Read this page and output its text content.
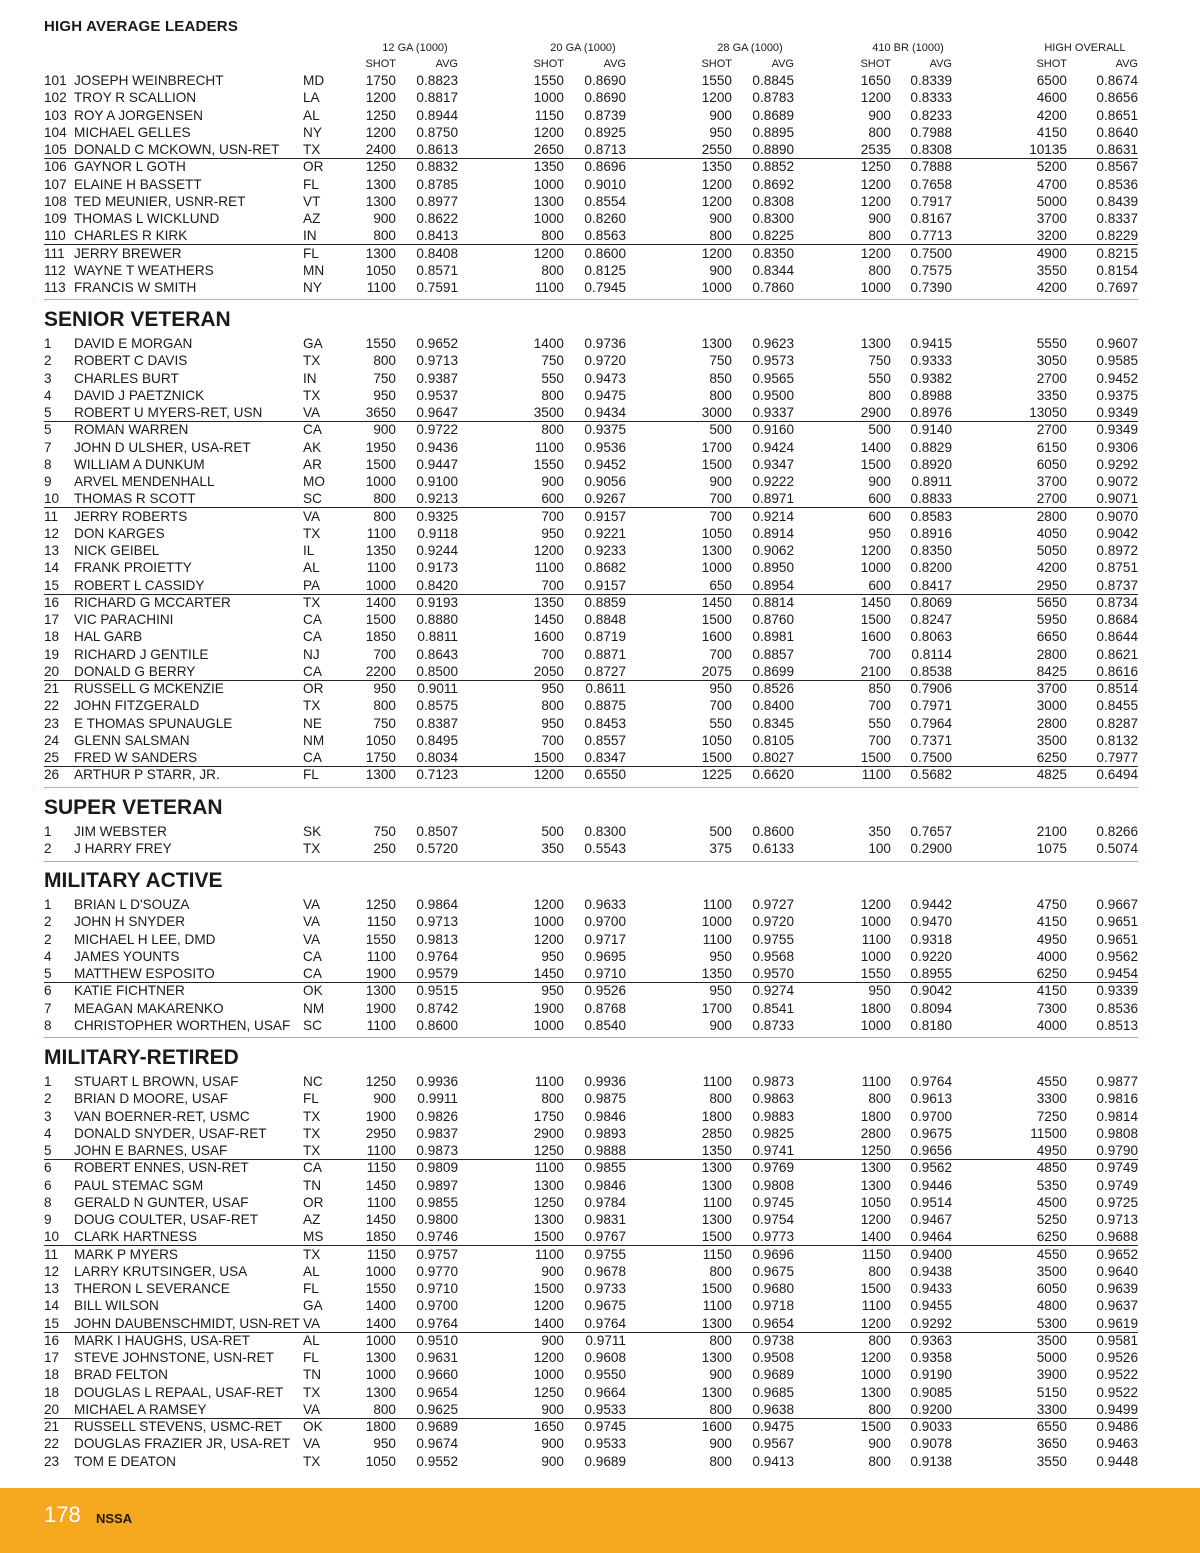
HIGH AVERAGE LEADERS
12 GA (1000)
SHOT	AVG
20 GA (1000)
SHOT	AVG
28 GA (1000)
SHOT	AVG
410 BR (1000)
SHOT	AVG
HIGH OVERALL
SHOT	AVG
101 JOSEPH WEINBRECHT	MD	1750	0.8823	1550	0.8690	1550	0.8845	1650	0.8339	6500	0.8674
102 TROY R SCALLION	LA	1200	0.8817	1000	0.8690	1200	0.8783	1200	0.8333	4600	0.8656
103 ROY A JORGENSEN	AL	1250	0.8944	1150	0.8739	900	0.8689	900	0.8233	4200	0.8651
104 MICHAEL GELLES	NY	1200	0.8750	1200	0.8925	950	0.8895	800	0.7988	4150	0.8640
105 DONALD C MCKOWN, USN-RET TX	2400	0.8613	2650	0.8713	2550	0.8890	2535	0.8308	10135	0.8631
106 GAYNOR L GOTH	OR	1250	0.8832	1350	0.8696	1350	0.8852	1250	0.7888	5200	0.8567
107 ELAINE H BASSETT	FL	1300	0.8785	1000	0.9010	1200	0.8692	1200	0.7658	4700	0.8536
108 TED MEUNIER, USNR-RET	VT	1300	0.8977	1300	0.8554	1200	0.8308	1200	0.7917	5000	0.8439
109 THOMAS L WICKLUND	AZ	900	0.8622	1000	0.8260	900	0.8300	900	0.8167	3700	0.8337
110 CHARLES R KIRK	IN	800	0.8413	800	0.8563	800	0.8225	800	0.7713	3200	0.8229
111 JERRY BREWER	FL	1300	0.8408	1200	0.8600	1200	0.8350	1200	0.7500	4900	0.8215
112 WAYNE T WEATHERS	MN	1050	0.8571	800	0.8125	900	0.8344	800	0.7575	3550	0.8154
113 FRANCIS W SMITH	NY	1100	0.7591	1100	0.7945	1000	0.7860	1000	0.7390	4200	0.7697
SENIOR VETERAN
1 DAVID E MORGAN	GA	1550	0.9652	1400	0.9736	1300	0.9623	1300	0.9415	5550	0.9607
2 ROBERT C DAVIS	TX	800	0.9713	750	0.9720	750	0.9573	750	0.9333	3050	0.9585
3 CHARLES BURT	IN	750	0.9387	550	0.9473	850	0.9565	550	0.9382	2700	0.9452
4 DAVID J PAETZNICK	TX	950	0.9537	800	0.9475	800	0.9500	800	0.8988	3350	0.9375
5 ROBERT U MYERS-RET, USN	VA	3650	0.9647	3500	0.9434	3000	0.9337	2900	0.8976	13050	0.9349
5 ROMAN WARREN	CA	900	0.9722	800	0.9375	500	0.9160	500	0.9140	2700	0.9349
7 JOHN D ULSHER, USA-RET	AK	1950	0.9436	1100	0.9536	1700	0.9424	1400	0.8829	6150	0.9306
8 WILLIAM A DUNKUM	AR	1500	0.9447	1550	0.9452	1500	0.9347	1500	0.8920	6050	0.9292
9 ARVEL MENDENHALL	MO	1000	0.9100	900	0.9056	900	0.9222	900	0.8911	3700	0.9072
10 THOMAS R SCOTT	SC	800	0.9213	600	0.9267	700	0.8971	600	0.8833	2700	0.9071
11 JERRY ROBERTS	VA	800	0.9325	700	0.9157	700	0.9214	600	0.8583	2800	0.9070
12 DON KARGES	TX	1100	0.9118	950	0.9221	1050	0.8914	950	0.8916	4050	0.9042
13 NICK GEIBEL	IL	1350	0.9244	1200	0.9233	1300	0.9062	1200	0.8350	5050	0.8972
14 FRANK PROIETTY	AL	1100	0.9173	1100	0.8682	1000	0.8950	1000	0.8200	4200	0.8751
15 ROBERT L CASSIDY	PA	1000	0.8420	700	0.9157	650	0.8954	600	0.8417	2950	0.8737
16 RICHARD G MCCARTER	TX	1400	0.9193	1350	0.8859	1450	0.8814	1450	0.8069	5650	0.8734
17 VIC PARACHINI	CA	1500	0.8880	1450	0.8848	1500	0.8760	1500	0.8247	5950	0.8684
18 HAL GARB	CA	1850	0.8811	1600	0.8719	1600	0.8981	1600	0.8063	6650	0.8644
19 RICHARD J GENTILE	NJ	700	0.8643	700	0.8871	700	0.8857	700	0.8114	2800	0.8621
20 DONALD G BERRY	CA	2200	0.8500	2050	0.8727	2075	0.8699	2100	0.8538	8425	0.8616
21 RUSSELL G MCKENZIE	OR	950	0.9011	950	0.8611	950	0.8526	850	0.7906	3700	0.8514
22 JOHN FITZGERALD	TX	800	0.8575	800	0.8875	700	0.8400	700	0.7971	3000	0.8455
23 E THOMAS SPUNAUGLE	NE	750	0.8387	950	0.8453	550	0.8345	550	0.7964	2800	0.8287
24 GLENN SALSMAN	NM	1050	0.8495	700	0.8557	1050	0.8105	700	0.7371	3500	0.8132
25 FRED W SANDERS	CA	1750	0.8034	1500	0.8347	1500	0.8027	1500	0.7500	6250	0.7977
26 ARTHUR P STARR, JR.	FL	1300	0.7123	1200	0.6550	1225	0.6620	1100	0.5682	4825	0.6494
SUPER VETERAN
1 JIM WEBSTER	SK	750	0.8507	500	0.8300	500	0.8600	350	0.7657	2100	0.8266
2 J HARRY FREY	TX	250	0.5720	350	0.5543	375	0.6133	100	0.2900	1075	0.5074
MILITARY ACTIVE
1 BRIAN L D'SOUZA	VA	1250	0.9864	1200	0.9633	1100	0.9727	1200	0.9442	4750	0.9667
2 JOHN H SNYDER	VA	1150	0.9713	1000	0.9700	1000	0.9720	1000	0.9470	4150	0.9651
2 MICHAEL H LEE, DMD	VA	1550	0.9813	1200	0.9717	1100	0.9755	1100	0.9318	4950	0.9651
4 JAMES YOUNTS	CA	1100	0.9764	950	0.9695	950	0.9568	1000	0.9220	4000	0.9562
5 MATTHEW ESPOSITO	CA	1900	0.9579	1450	0.9710	1350	0.9570	1550	0.8955	6250	0.9454
6 KATIE FICHTNER	OK	1300	0.9515	950	0.9526	950	0.9274	950	0.9042	4150	0.9339
7 MEAGAN MAKARENKO	NM	1900	0.8742	1900	0.8768	1700	0.8541	1800	0.8094	7300	0.8536
8 CHRISTOPHER WORTHEN, USAF SC	1100	0.8600	1000	0.8540	900	0.8733	1000	0.8180	4000	0.8513
MILITARY-RETIRED
1 STUART L BROWN, USAF	NC	1250	0.9936	1100	0.9936	1100	0.9873	1100	0.9764	4550	0.9877
2 BRIAN D MOORE, USAF	FL	900	0.9911	800	0.9875	800	0.9863	800	0.9613	3300	0.9816
3 VAN BOERNER-RET, USMC	TX	1900	0.9826	1750	0.9846	1800	0.9883	1800	0.9700	7250	0.9814
4 DONALD SNYDER, USAF-RET	TX	2950	0.9837	2900	0.9893	2850	0.9825	2800	0.9675	11500	0.9808
5 JOHN E BARNES, USAF	TX	1100	0.9873	1250	0.9888	1350	0.9741	1250	0.9656	4950	0.9790
6 ROBERT ENNES, USN-RET	CA	1150	0.9809	1100	0.9855	1300	0.9769	1300	0.9562	4850	0.9749
6 PAUL STEMAC SGM	TN	1450	0.9897	1300	0.9846	1300	0.9808	1300	0.9446	5350	0.9749
8 GERALD N GUNTER, USAF	OR	1100	0.9855	1250	0.9784	1100	0.9745	1050	0.9514	4500	0.9725
9 DOUG COULTER, USAF-RET	AZ	1450	0.9800	1300	0.9831	1300	0.9754	1200	0.9467	5250	0.9713
10 CLARK HARTNESS	MS	1850	0.9746	1500	0.9767	1500	0.9773	1400	0.9464	6250	0.9688
11 MARK P MYERS	TX	1150	0.9757	1100	0.9755	1150	0.9696	1150	0.9400	4550	0.9652
12 LARRY KRUTSINGER, USA	AL	1000	0.9770	900	0.9678	800	0.9675	800	0.9438	3500	0.9640
13 THERON L SEVERANCE	FL	1550	0.9710	1500	0.9733	1500	0.9680	1500	0.9433	6050	0.9639
14 BILL WILSON	GA	1400	0.9700	1200	0.9675	1100	0.9718	1100	0.9455	4800	0.9637
15 JOHN DAUBENSCHMIDT, USN-RET VA	1400	0.9764	1400	0.9764	1300	0.9654	1200	0.9292	5300	0.9619
16 MARK I HAUGHS, USA-RET	AL	1000	0.9510	900	0.9711	800	0.9738	800	0.9363	3500	0.9581
17 STEVE JOHNSTONE, USN-RET FL	1300	0.9631	1200	0.9608	1300	0.9508	1200	0.9358	5000	0.9526
18 BRAD FELTON	TN	1000	0.9660	1000	0.9550	900	0.9689	1000	0.9190	3900	0.9522
18 DOUGLAS L REPAAL, USAF-RET TX	1300	0.9654	1250	0.9664	1300	0.9685	1300	0.9085	5150	0.9522
20 MICHAEL A RAMSEY	VA	800	0.9625	900	0.9533	800	0.9638	800	0.9200	3300	0.9499
21 RUSSELL STEVENS, USMC-RET OK	1800	0.9689	1650	0.9745	1600	0.9475	1500	0.9033	6550	0.9486
22 DOUGLAS FRAZIER JR, USA-RET VA	950	0.9674	900	0.9533	900	0.9567	900	0.9078	3650	0.9463
23 TOM E DEATON	TX	1050	0.9552	900	0.9689	800	0.9413	800	0.9138	3550	0.9448
178 NSSA
